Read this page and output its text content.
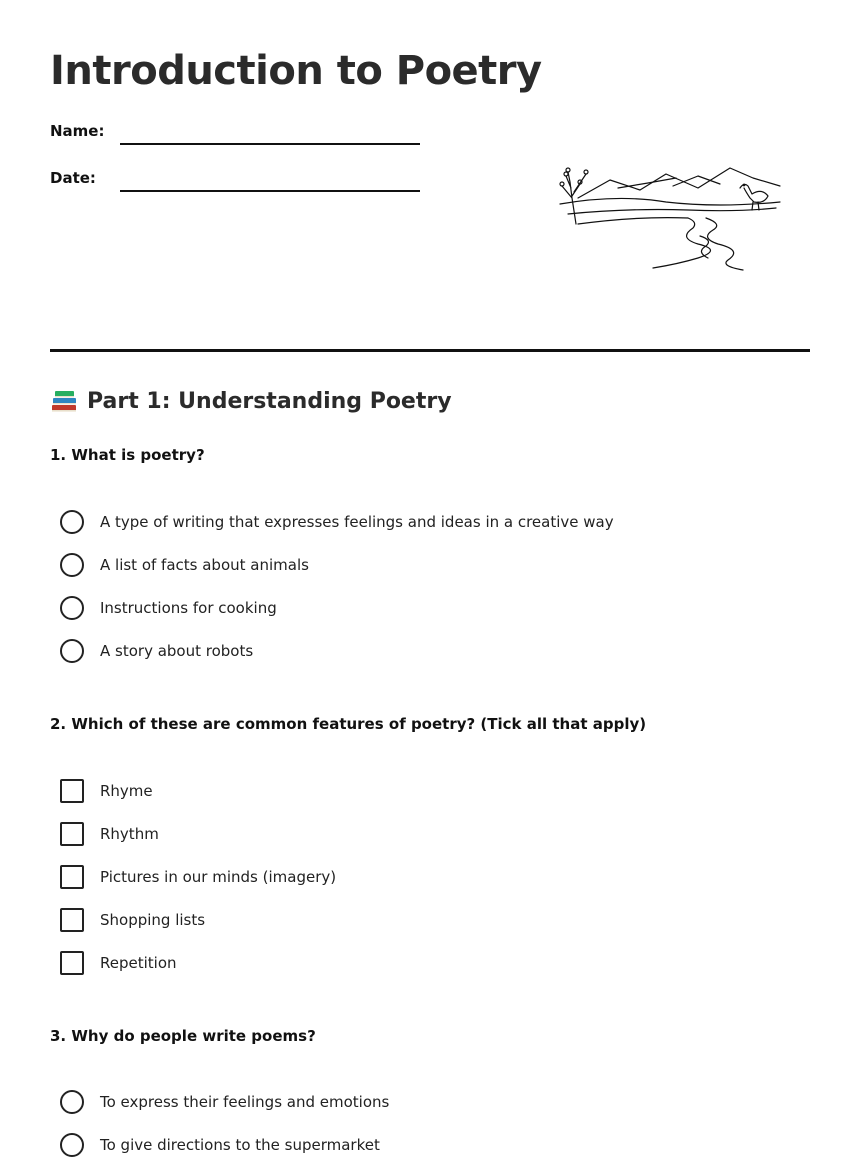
Introduction to Poetry
Name:
Date:
Part 1: Understanding Poetry
1. What is poetry?
A type of writing that expresses feelings and ideas in a creative way
A list of facts about animals
Instructions for cooking
A story about robots
2. Which of these are common features of poetry? (Tick all that apply)
Rhyme
Rhythm
Pictures in our minds (imagery)
Shopping lists
Repetition
3. Why do people write poems?
To express their feelings and emotions
To give directions to the supermarket
